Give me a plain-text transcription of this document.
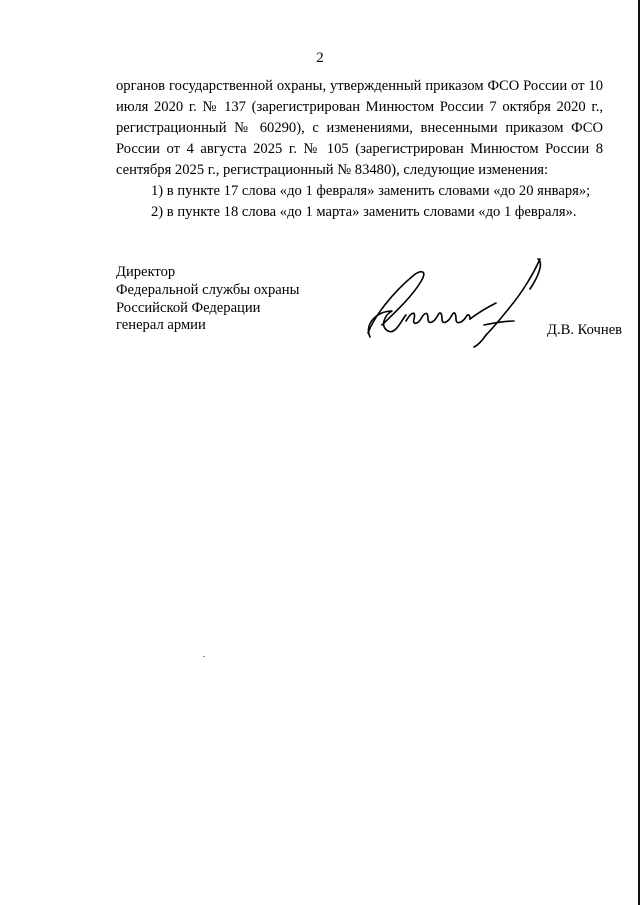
2

органов государственной охраны, утвержденный приказом ФСО России от 10 июля 2020 г. № 137 (зарегистрирован Минюстом России 7 октября 2020 г., регистрационный № 60290), с изменениями, внесенными приказом ФСО России от 4 августа 2025 г. № 105 (зарегистрирован Минюстом России 8 сентября 2025 г., регистрационный № 83480), следующие изменения:

1) в пункте 17 слова «до 1 февраля» заменить словами «до 20 января»;

2) в пункте 18 слова «до 1 марта» заменить словами «до 1 февраля».

Директор
Федеральной службы охраны
Российской Федерации
генерал армии	Д.В. Кочнев
